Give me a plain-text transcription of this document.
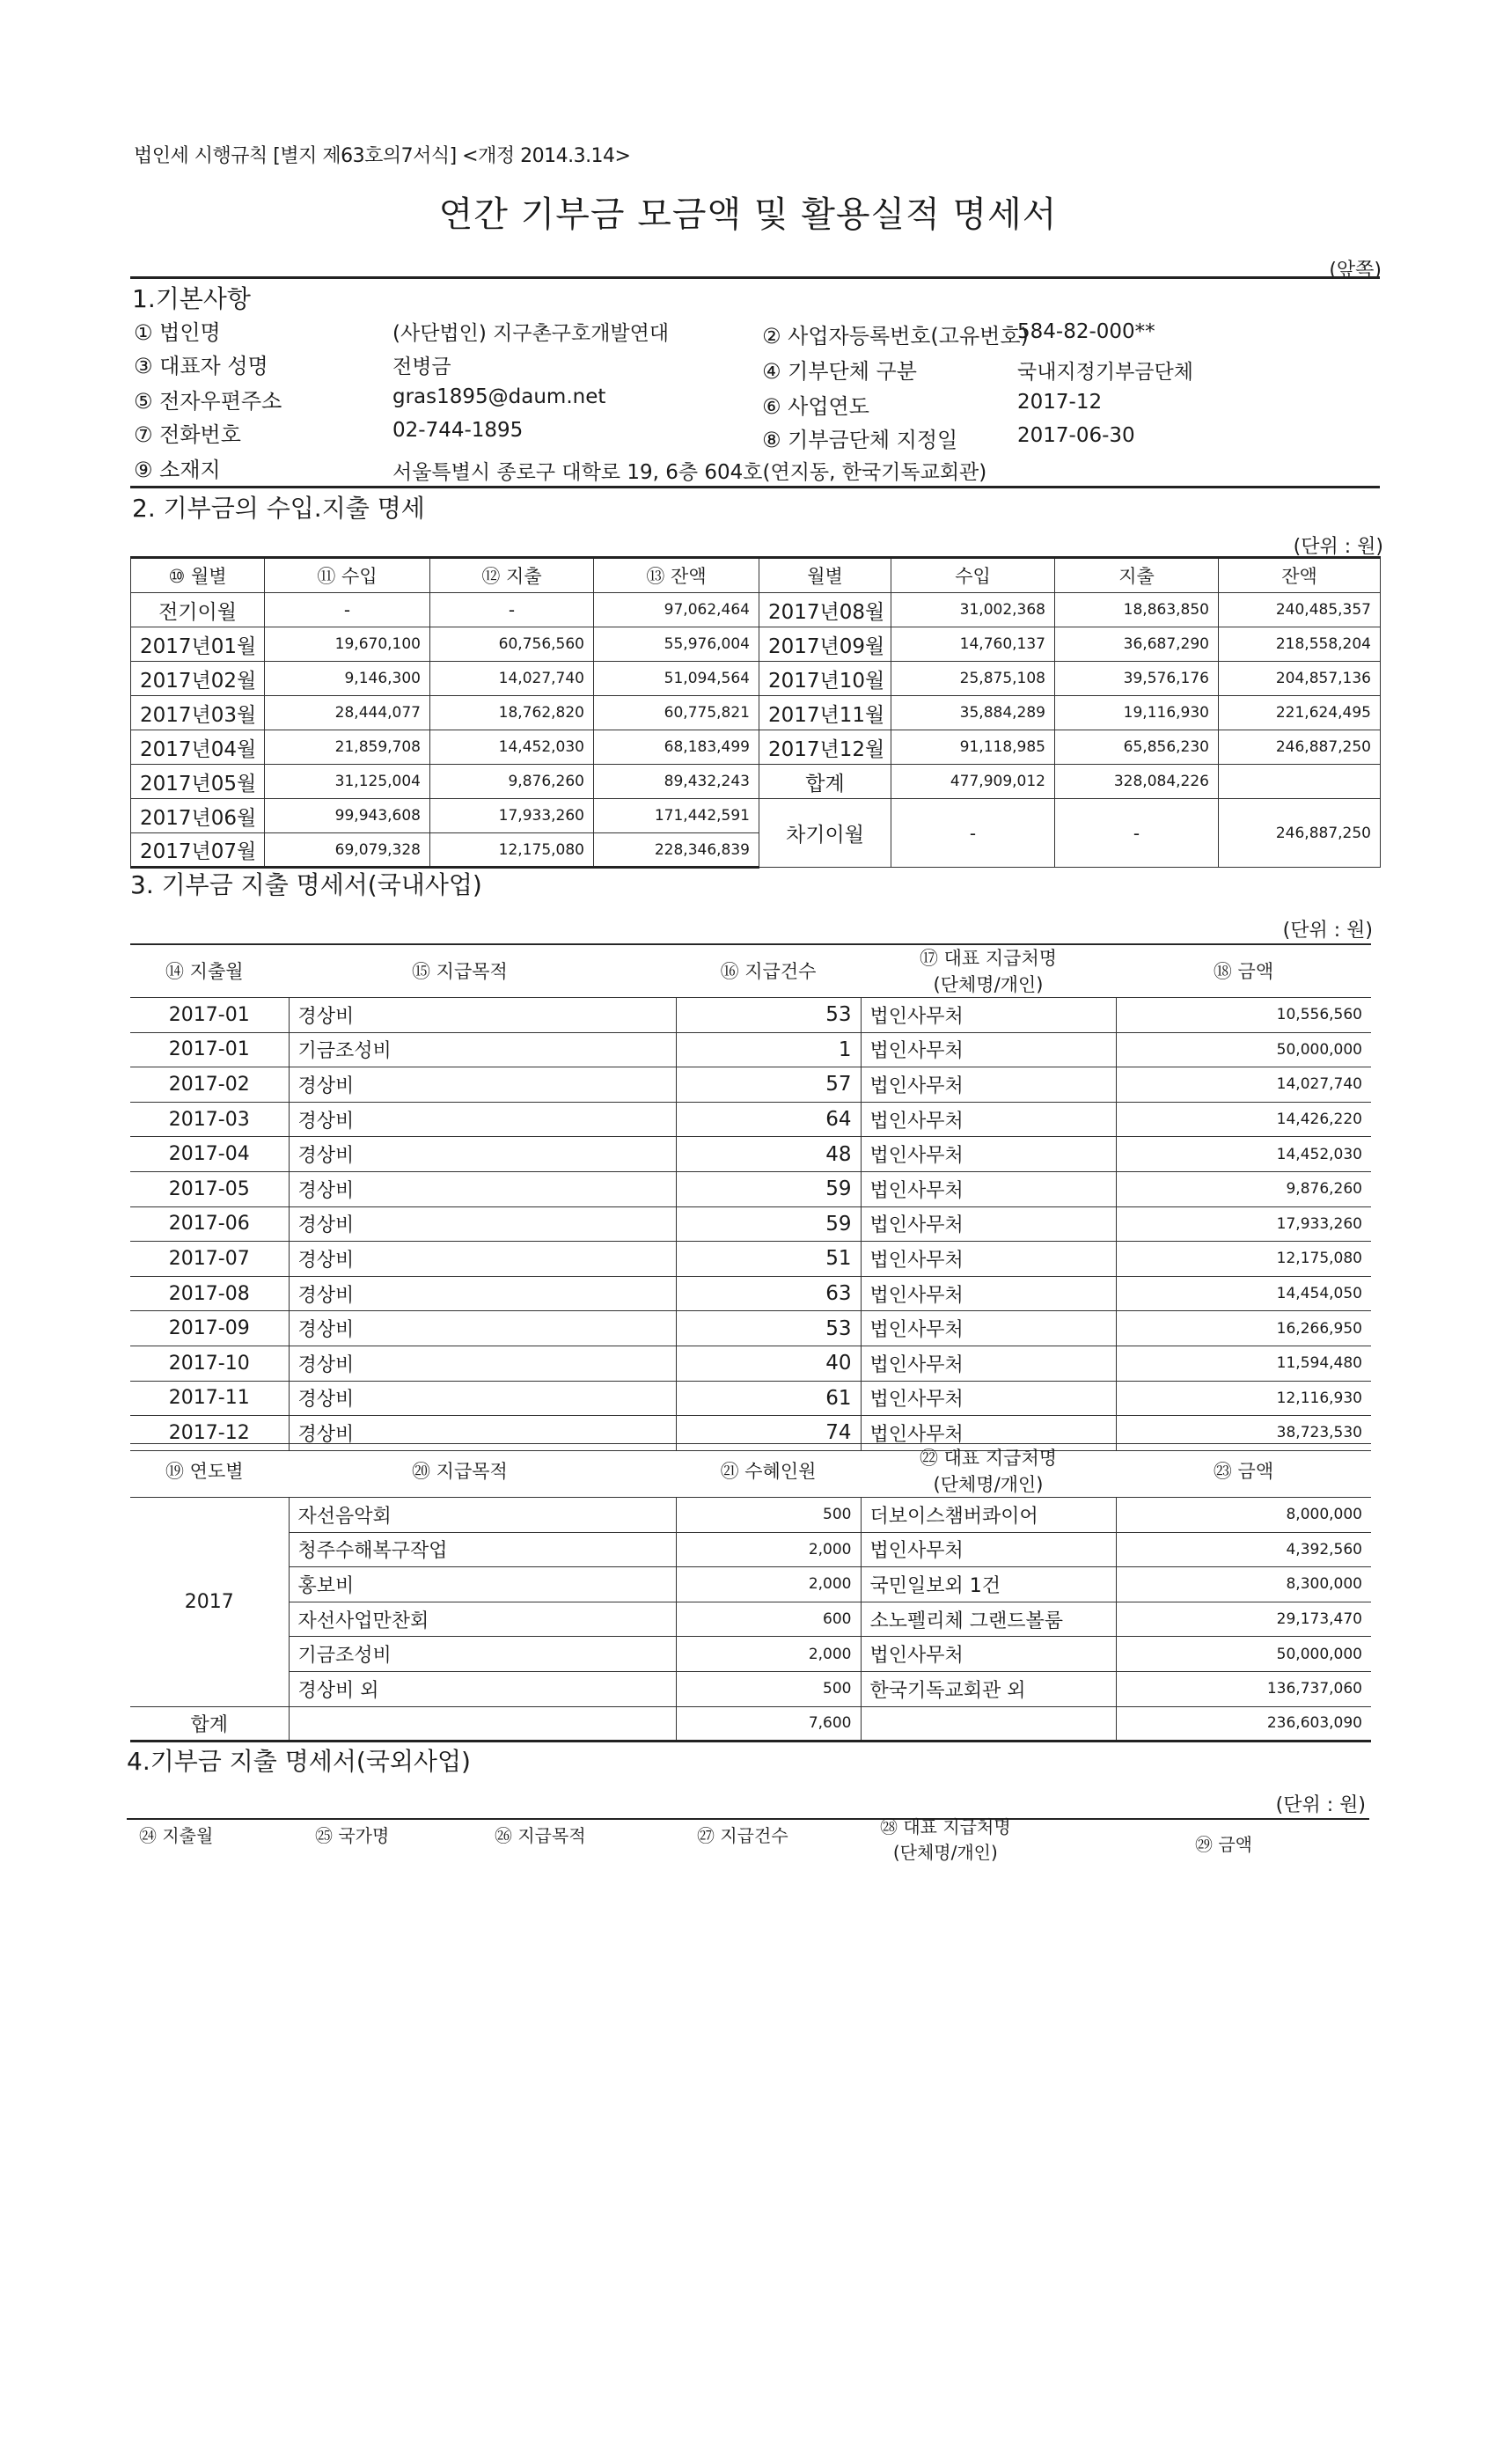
법인세 시행규칙 [별지 제63호의7서식] <개정 2014.3.14>
연간 기부금 모금액 및 활용실적 명세서
(앞쪽)
1.기본사항
① 법인명	(사단법인) 지구촌구호개발연대	② 사업자등록번호(고유번호)
584-82-000**
③ 대표자 성명	전병금	④ 기부단체 구분	국내지정기부금단체
⑤ 전자우편주소	gras1895@daum.net	⑥ 사업연도	2017-12
⑦ 전화번호	02-744-1895	⑧ 기부금단체 지정일	2017-06-30
⑨ 소재지	서울특별시 종로구 대학로 19, 6층 604호(연지동, 한국기독교회관)
2. 기부금의 수입.지출 명세
(단위 : 원)
⑩ 월별	⑪ 수입	⑫ 지출	⑬ 잔액	월별	수입	지출	잔액
전기이월	-	-	97,062,464	2017년08월	31,002,368	18,863,850	240,485,357
2017년01월	19,670,100	60,756,560	55,976,004	2017년09월	14,760,137	36,687,290	218,558,204
2017년02월	9,146,300	14,027,740	51,094,564	2017년10월	25,875,108	39,576,176	204,857,136
2017년03월	28,444,077	18,762,820	60,775,821	2017년11월	35,884,289	19,116,930	221,624,495
2017년04월	21,859,708	14,452,030	68,183,499	2017년12월	91,118,985	65,856,230	246,887,250
2017년05월	31,125,004	9,876,260	89,432,243	합계	477,909,012	328,084,226	
2017년06월	99,943,608	17,933,260	171,442,591	차기이월	-	-	246,887,250
2017년07월	69,079,328	12,175,080	228,346,839				
3. 기부금 지출 명세서(국내사업)
(단위 : 원)
⑭ 지출월	⑮ 지급목적	⑯ 지급건수	⑰ 대표 지급처명
(단체명/개인)	⑱ 금액
2017-01	경상비	53	법인사무처	10,556,560
2017-01	기금조성비	1	법인사무처	50,000,000
2017-02	경상비	57	법인사무처	14,027,740
2017-03	경상비	64	법인사무처	14,426,220
2017-04	경상비	48	법인사무처	14,452,030
2017-05	경상비	59	법인사무처	9,876,260
2017-06	경상비	59	법인사무처	17,933,260
2017-07	경상비	51	법인사무처	12,175,080
2017-08	경상비	63	법인사무처	14,454,050
2017-09	경상비	53	법인사무처	16,266,950
2017-10	경상비	40	법인사무처	11,594,480
2017-11	경상비	61	법인사무처	12,116,930
2017-12	경상비	74	법인사무처	38,723,530
⑲ 연도별	⑳ 지급목적	㉑ 수혜인원	㉒ 대표 지급처명
(단체명/개인)	㉓ 금액
2017	자선음악회	500	더보이스챔버콰이어	8,000,000
	청주수해복구작업	2,000	법인사무처	4,392,560
	홍보비	2,000	국민일보외 1건	8,300,000
	자선사업만찬회	600	소노펠리체 그랜드볼룸	29,173,470
	기금조성비	2,000	법인사무처	50,000,000
	경상비 외	500	한국기독교회관 외	136,737,060
합계		7,600		236,603,090
4.기부금 지출 명세서(국외사업)
(단위 : 원)
㉔ 지출월	㉕ 국가명	㉖ 지급목적	㉗ 지급건수	㉘ 대표 지급처명
(단체명/개인)	㉙ 금액
